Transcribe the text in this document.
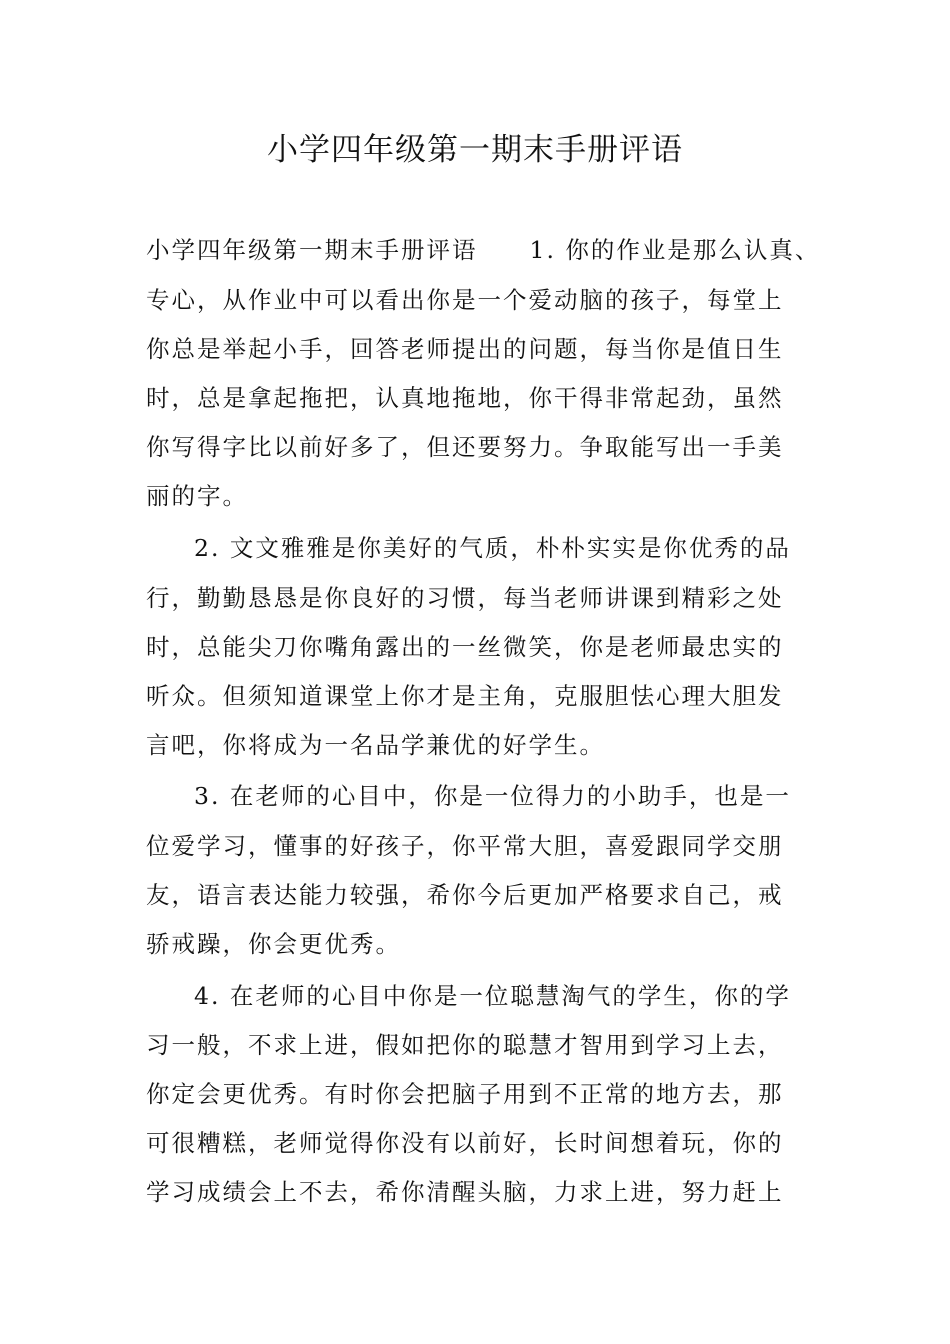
小学四年级第一期末手册评语
小学四年级第一期末手册评语 1. 你的作业是那么认真、
专心，从作业中可以看出你是一个爱动脑的孩子，每堂上
你总是举起小手，回答老师提出的问题，每当你是值日生
时，总是拿起拖把，认真地拖地，你干得非常起劲，虽然
你写得字比以前好多了，但还要努力。争取能写出一手美
丽的字。
2. 文文雅雅是你美好的气质，朴朴实实是你优秀的品
行，勤勤恳恳是你良好的习惯，每当老师讲课到精彩之处
时，总能尖刀你嘴角露出的一丝微笑，你是老师最忠实的
听众。但须知道课堂上你才是主角，克服胆怯心理大胆发
言吧，你将成为一名品学兼优的好学生。
3. 在老师的心目中，你是一位得力的小助手，也是一
位爱学习，懂事的好孩子，你平常大胆，喜爱跟同学交朋
友，语言表达能力较强，希你今后更加严格要求自己，戒
骄戒躁，你会更优秀。
4. 在老师的心目中你是一位聪慧淘气的学生，你的学
习一般，不求上进，假如把你的聪慧才智用到学习上去，
你定会更优秀。有时你会把脑子用到不正常的地方去，那
可很糟糕，老师觉得你没有以前好，长时间想着玩，你的
学习成绩会上不去，希你清醒头脑，力求上进，努力赶上
